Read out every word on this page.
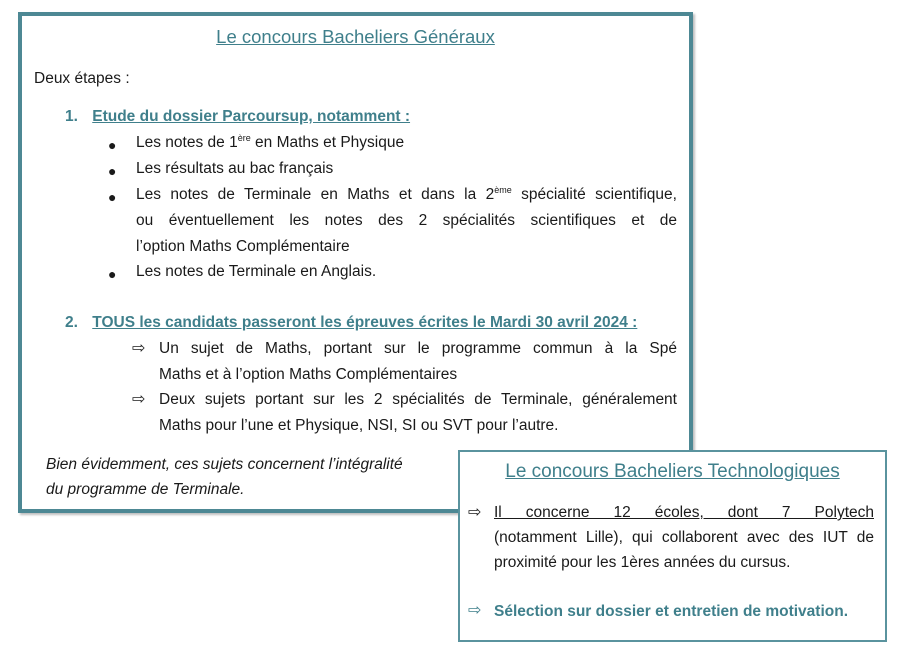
Le concours Bacheliers Généraux
Deux étapes :
1. Etude du dossier Parcoursup, notamment :
● Les notes de 1ère en Maths et Physique
● Les résultats au bac français
● Les notes de Terminale en Maths et dans la 2ème spécialité scientifique,
ou éventuellement les notes des 2 spécialités scientifiques et de
l’option Maths Complémentaire
● Les notes de Terminale en Anglais.
2. TOUS les candidats passeront les épreuves écrites le Mardi 30 avril 2024 :
⇨ Un sujet de Maths, portant sur le programme commun à la Spé
Maths et à l’option Maths Complémentaires
⇨ Deux sujets portant sur les 2 spécialités de Terminale, généralement
Maths pour l’une et Physique, NSI, SI ou SVT pour l’autre.
Bien évidemment, ces sujets concernent l’intégralité
du programme de Terminale.
Le concours Bacheliers Technologiques
⇨ Il concerne 12 écoles, dont 7 Polytech
(notamment Lille), qui collaborent avec des IUT de
proximité pour les 1ères années du cursus.
⇨ Sélection sur dossier et entretien de motivation.
